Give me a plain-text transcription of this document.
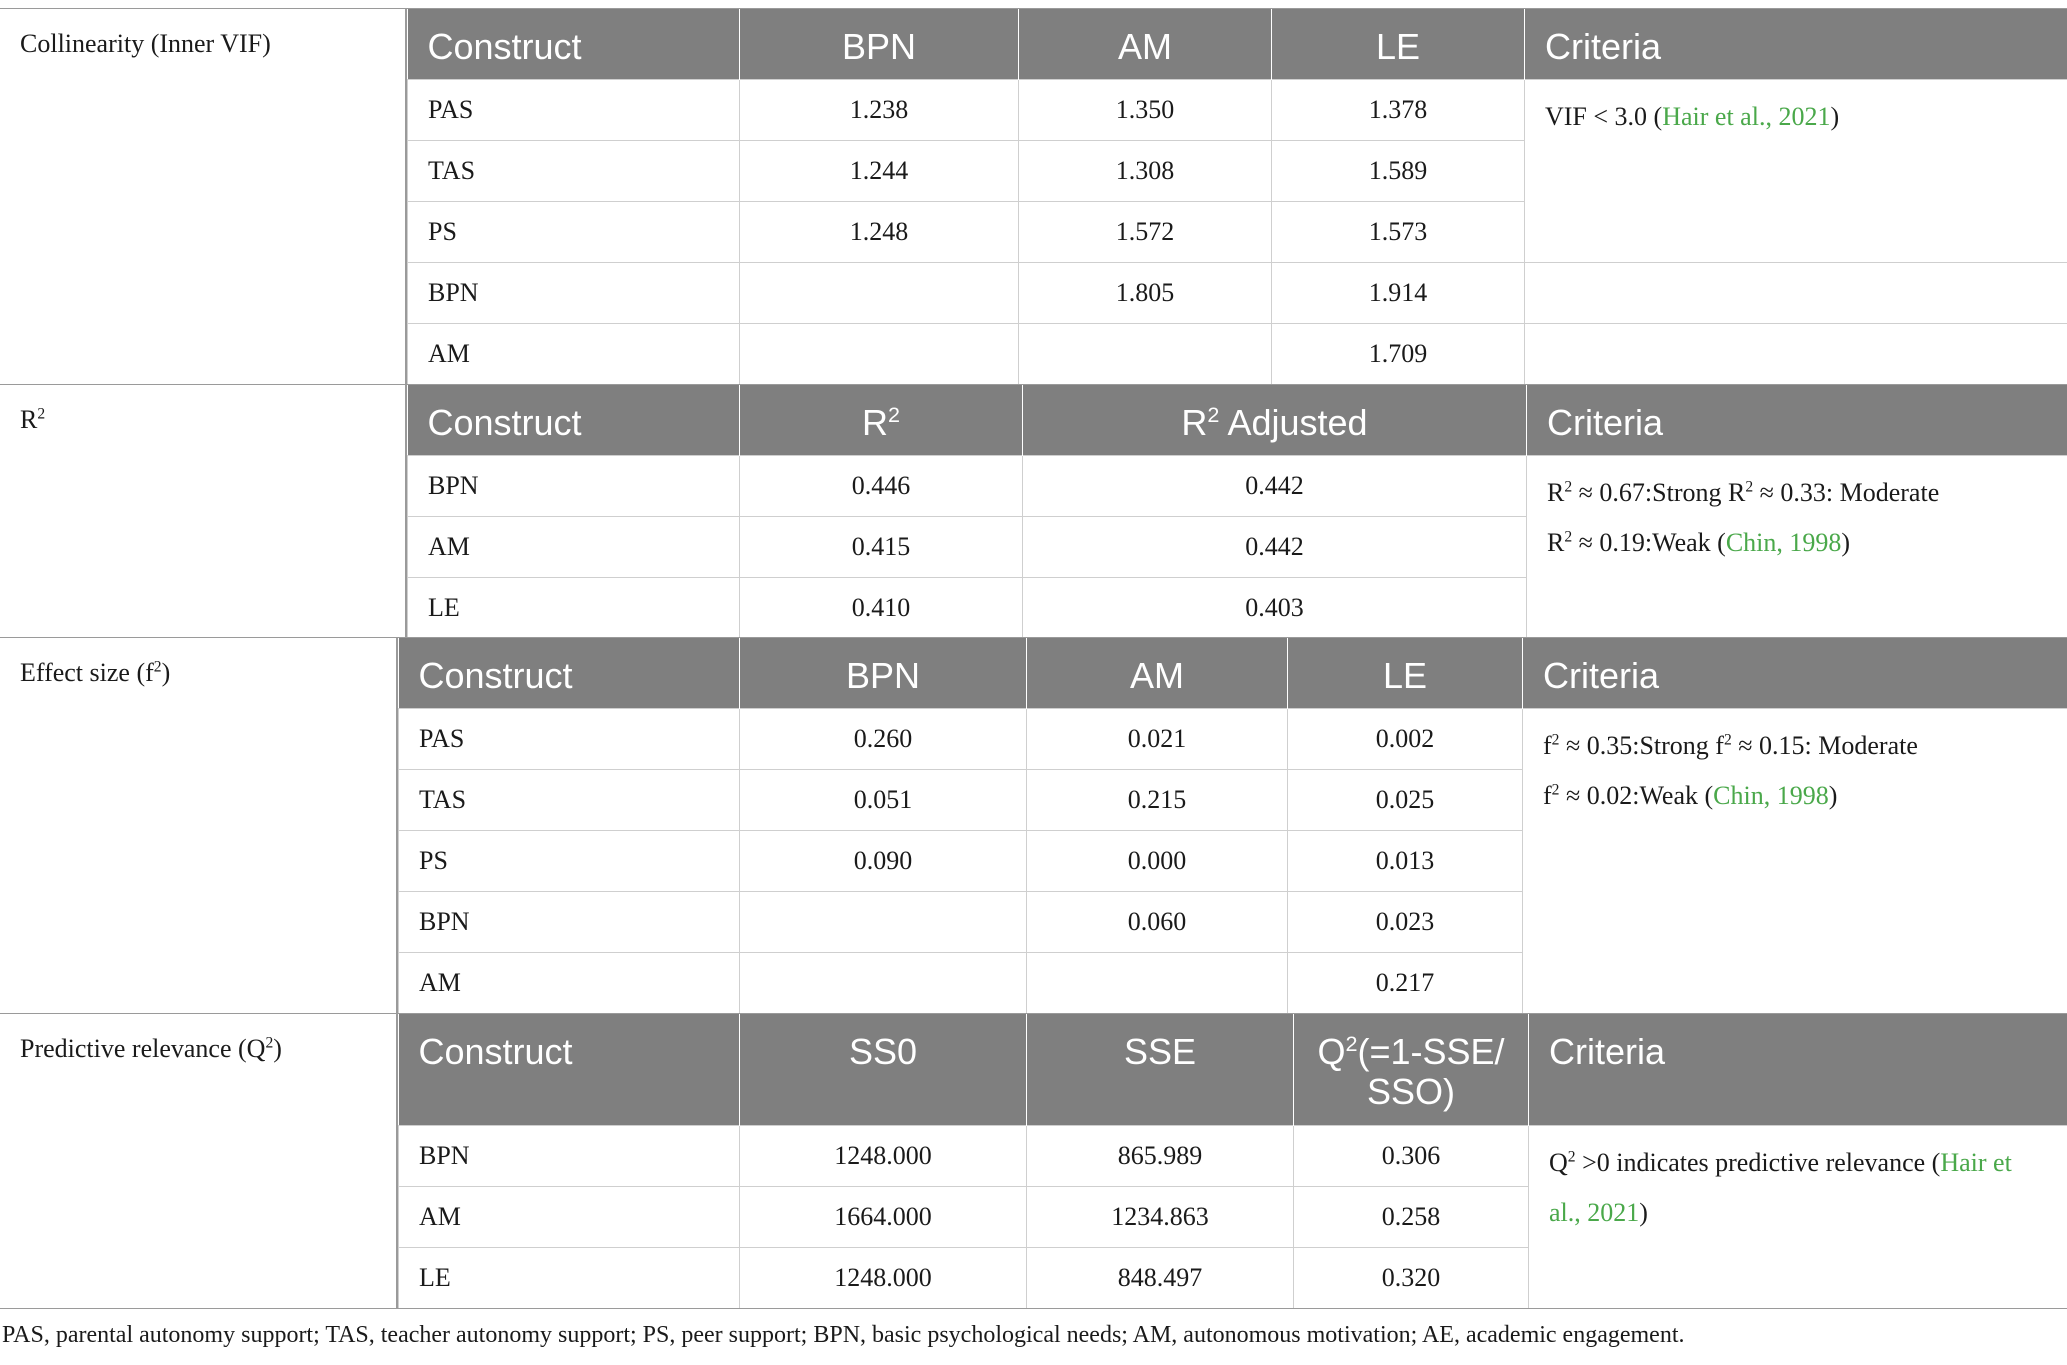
Collinearity (Inner VIF)	Construct	BPN	AM	LE	Criteria
PAS	1.238	1.350	1.378	VIF < 3.0 (Hair et al., 2021)
TAS	1.244	1.308	1.589	
PS	1.248	1.572	1.573	
BPN		1.805	1.914	
AM			1.709	
$R^2$	Construct	$R^2$	$R^2$ Adjusted	Criteria
BPN	0.446	0.442	$R^2$ ≈ 0.67:Strong $R^2 \approx 0.33$: Moderate
$R^2$ ≈ 0.19:Weak (Chin, 1998)

AM	0.415	0.442	
LE	0.410	0.403	
Effect size $(f^2)$	Construct	BPN	AM	LE	Criteria
PAS	0.260	0.021	0.002	$f^2$ ≈ 0.35:Strong $f^2 \approx 0.15$: Moderate
$f^2$ ≈ 0.02:Weak (Chin, 1998)

TAS	0.051	0.215	0.025	
PS	0.090	0.000	0.013	
BPN		0.060	0.023	
AM			0.217	
Predictive relevance $(Q^2)$	Construct	SS0	SSE	$Q^2(=1-SSE/$ SSO)	Criteria
BPN	1248.000	865.989	0.306	$Q^2 >0$ indicates predictive relevance (Hair et al., 2021)
AM	1664.000	1234.863	0.258	
LE	1248.000	848.497	0.320	
PAS, parental autonomy support; TAS, teacher autonomy support; PS, peer support; BPN, basic psychological needs; AM, autonomous motivation; AE, academic engagement.
